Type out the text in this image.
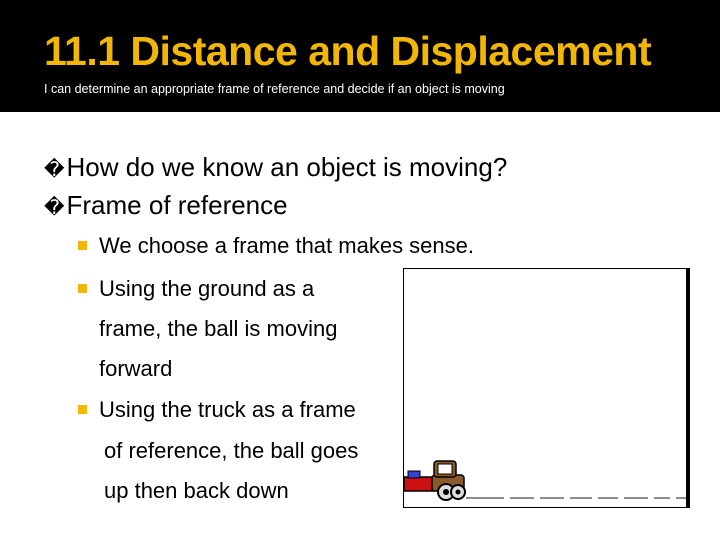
11.1 Distance and Displacement
I can determine an appropriate frame of reference and decide if an object is moving
�How do we know an object is moving?
�Frame of reference
We choose a frame that makes sense.
Using the ground as a
frame, the ball is moving
forward
Using the truck as a frame
of reference, the ball goes
up then back down
